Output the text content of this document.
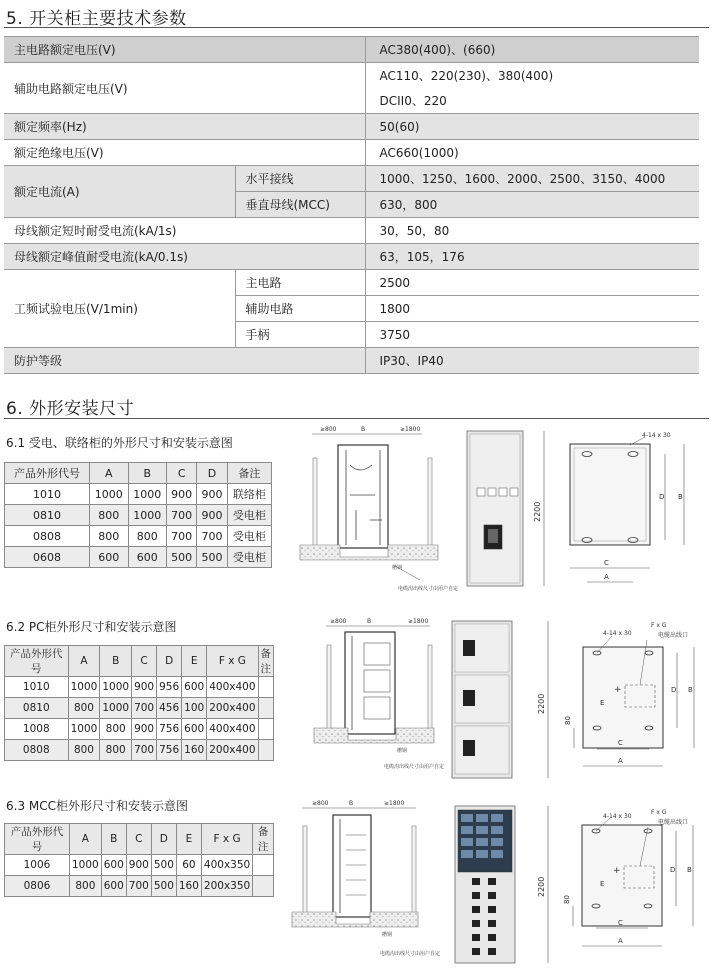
5. 开关柜主要技术参数
主电路额定电压(V)		AC380(400)、(660)
辅助电路额定电压(V)		AC110、220(230)、380(400)
		DCII0、220
额定频率(Hz)		50(60)
额定绝缘电压(V)		AC660(1000)
额定电流(A)	水平接线	1000、1250、1600、2000、2500、3150、4000
	垂直母线(MCC)	630，800
母线额定短时耐受电流(kA/1s)		30，50，80
母线额定峰值耐受电流(kA/0.1s)		63，105，176
工频试验电压(V/1min)	主电路	2500
	辅助电路	1800
	手柄	3750
防护等级		IP30、IP40
6. 外形安装尺寸
6.1 受电、联络柜的外形尺寸和安装示意图
产品外形代号	A	B	C	D	备注
1010	1000	1000	900	900	联络柜
0810	800	1000	700	900	受电柜
0808	800	800	700	700	受电柜
0608	600	600	500	500	受电柜
6.2 PC柜外形尺寸和安装示意图
产品外形代号	A	B	C	D	E	F x G	备 注
1010	1000	1000	900	956	600	400x400	
0810	800	1000	700	456	100	200x400	
1008	1000	800	900	756	600	400x400	
0808	800	800	700	756	160	200x400	
6.3 MCC柜外形尺寸和安装示意图
产品外形代号	A	B	C	D	E	F x G	备 注
1006	1000	600	900	500	60	400x350	
0806	800	600	700	500	160	200x350	
≥800	B	≥1800
槽钢
电缆沟出线尺寸由用户自定
2200
4-14 x 30
C
A
D B
≥800	B	≥1800
槽钢
电缆沟出线尺寸由用户自定
2200
+
4-14 x 30
F x G
电缆出线口
E
80
C
A
D B
≥800	B	≥1800
槽钢
电缆沟出线尺寸由用户自定
2200
+
4-14 x 30
F x G
电缆出线口
E
80
C
A
D B
